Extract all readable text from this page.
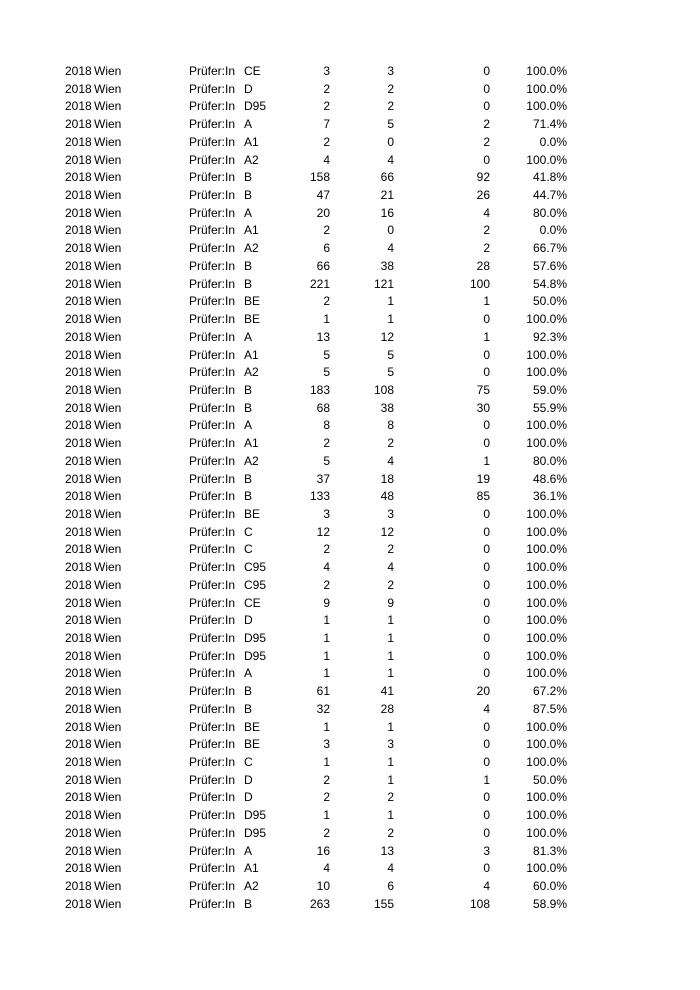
2018 Wien	Prüfer:In CE	3	3	0	100.0%
2018 Wien	Prüfer:In D	2	2	0	100.0%
2018 Wien	Prüfer:In D95	2	2	0	100.0%
2018 Wien	Prüfer:In A	7	5	2	71.4%
2018 Wien	Prüfer:In A1	2	0	2	0.0%
2018 Wien	Prüfer:In A2	4	4	0	100.0%
2018 Wien	Prüfer:In B	158	66	92	41.8%
2018 Wien	Prüfer:In B	47	21	26	44.7%
2018 Wien	Prüfer:In A	20	16	4	80.0%
2018 Wien	Prüfer:In A1	2	0	2	0.0%
2018 Wien	Prüfer:In A2	6	4	2	66.7%
2018 Wien	Prüfer:In B	66	38	28	57.6%
2018 Wien	Prüfer:In B	221	121	100	54.8%
2018 Wien	Prüfer:In BE	2	1	1	50.0%
2018 Wien	Prüfer:In BE	1	1	0	100.0%
2018 Wien	Prüfer:In A	13	12	1	92.3%
2018 Wien	Prüfer:In A1	5	5	0	100.0%
2018 Wien	Prüfer:In A2	5	5	0	100.0%
2018 Wien	Prüfer:In B	183	108	75	59.0%
2018 Wien	Prüfer:In B	68	38	30	55.9%
2018 Wien	Prüfer:In A	8	8	0	100.0%
2018 Wien	Prüfer:In A1	2	2	0	100.0%
2018 Wien	Prüfer:In A2	5	4	1	80.0%
2018 Wien	Prüfer:In B	37	18	19	48.6%
2018 Wien	Prüfer:In B	133	48	85	36.1%
2018 Wien	Prüfer:In BE	3	3	0	100.0%
2018 Wien	Prüfer:In C	12	12	0	100.0%
2018 Wien	Prüfer:In C	2	2	0	100.0%
2018 Wien	Prüfer:In C95	4	4	0	100.0%
2018 Wien	Prüfer:In C95	2	2	0	100.0%
2018 Wien	Prüfer:In CE	9	9	0	100.0%
2018 Wien	Prüfer:In D	1	1	0	100.0%
2018 Wien	Prüfer:In D95	1	1	0	100.0%
2018 Wien	Prüfer:In D95	1	1	0	100.0%
2018 Wien	Prüfer:In A	1	1	0	100.0%
2018 Wien	Prüfer:In B	61	41	20	67.2%
2018 Wien	Prüfer:In B	32	28	4	87.5%
2018 Wien	Prüfer:In BE	1	1	0	100.0%
2018 Wien	Prüfer:In BE	3	3	0	100.0%
2018 Wien	Prüfer:In C	1	1	0	100.0%
2018 Wien	Prüfer:In D	2	1	1	50.0%
2018 Wien	Prüfer:In D	2	2	0	100.0%
2018 Wien	Prüfer:In D95	1	1	0	100.0%
2018 Wien	Prüfer:In D95	2	2	0	100.0%
2018 Wien	Prüfer:In A	16	13	3	81.3%
2018 Wien	Prüfer:In A1	4	4	0	100.0%
2018 Wien	Prüfer:In A2	10	6	4	60.0%
2018 Wien	Prüfer:In B	263	155	108	58.9%
